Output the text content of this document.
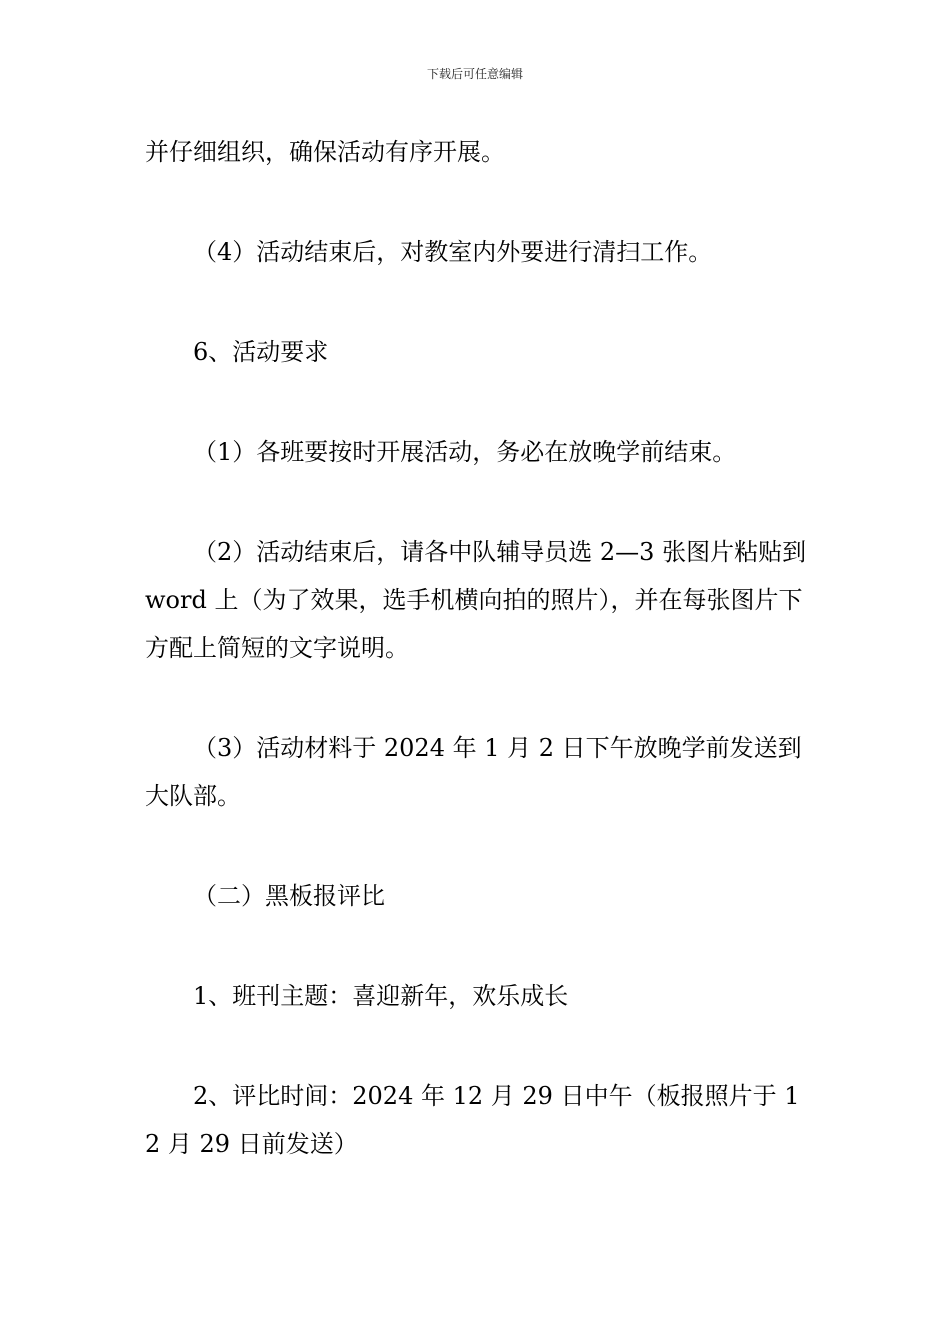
下载后可任意编辑

并仔细组织，确保活动有序开展。

（4）活动结束后，对教室内外要进行清扫工作。

6、活动要求

（1）各班要按时开展活动，务必在放晚学前结束。

（2）活动结束后，请各中队辅导员选 2—3 张图片粘贴到 word 上（为了效果，选手机横向拍的照片），并在每张图片下方配上简短的文字说明。

（3）活动材料于 2024 年 1 月 2 日下午放晚学前发送到大队部。

（二）黑板报评比

1、班刊主题：喜迎新年，欢乐成长

2、评比时间：2024 年 12 月 29 日中午（板报照片于 12 月 29 日前发送）
